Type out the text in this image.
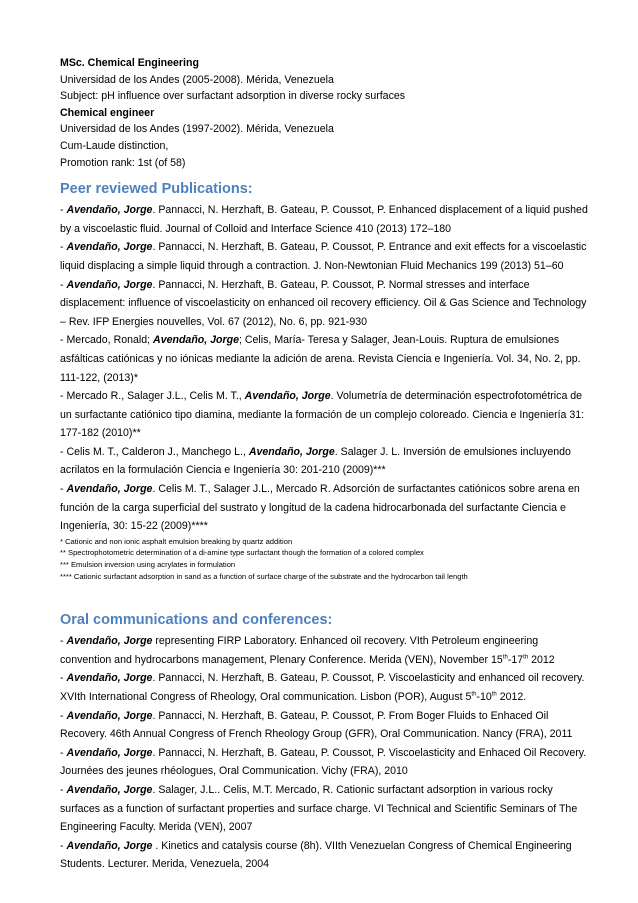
MSc. Chemical Engineering
Universidad de los Andes (2005-2008). Mérida, Venezuela
Subject: pH influence over surfactant adsorption in diverse rocky surfaces
Chemical engineer
Universidad de los Andes (1997-2002). Mérida, Venezuela
Cum-Laude distinction,
Promotion rank: 1st (of 58)
Peer reviewed Publications:
- Avendaño, Jorge. Pannacci, N. Herzhaft, B. Gateau, P. Coussot, P. Enhanced displacement of a liquid pushed by a viscoelastic fluid. Journal of Colloid and Interface Science 410 (2013) 172–180
- Avendaño, Jorge. Pannacci, N. Herzhaft, B. Gateau, P. Coussot, P. Entrance and exit effects for a viscoelastic liquid displacing a simple liquid through a contraction. J. Non-Newtonian Fluid Mechanics 199 (2013) 51–60
- Avendaño, Jorge. Pannacci, N. Herzhaft, B. Gateau, P. Coussot, P. Normal stresses and interface displacement: influence of viscoelasticity on enhanced oil recovery efficiency. Oil & Gas Science and Technology – Rev. IFP Energies nouvelles, Vol. 67 (2012), No. 6, pp. 921-930
- Mercado, Ronald; Avendaño, Jorge; Celis, María- Teresa y Salager, Jean-Louis. Ruptura de emulsiones asfálticas catiónicas y no iónicas mediante la adición de arena. Revista Ciencia e Ingeniería. Vol. 34, No. 2, pp. 111-122, (2013)*
- Mercado R., Salager J.L., Celis M. T., Avendaño, Jorge. Volumetría de determinación espectrofotométrica de un surfactante catiónico tipo diamina, mediante la formación de un complejo coloreado. Ciencia e Ingeniería 31: 177-182 (2010)**
- Celis M. T., Calderon J., Manchego L., Avendaño, Jorge. Salager J. L. Inversión de emulsiones incluyendo acrilatos en la formulación Ciencia e Ingeniería 30: 201-210 (2009)***
- Avendaño, Jorge. Celis M. T., Salager J.L., Mercado R. Adsorción de surfactantes catiónicos sobre arena en función de la carga superficial del sustrato y longitud de la cadena hidrocarbonada del surfactante Ciencia e Ingeniería, 30: 15-22 (2009)****
* Cationic and non ionic asphalt emulsion breaking by quartz addition
** Spectrophotometric determination of a di-amine type surfactant though the formation of a colored complex
*** Emulsion inversion using acrylates in formulation
**** Cationic surfactant adsorption in sand as a function of surface charge of the substrate and the hydrocarbon tail length
Oral communications and conferences:
- Avendaño, Jorge representing FIRP Laboratory. Enhanced oil recovery. VIth Petroleum engineering convention and hydrocarbons management, Plenary Conference. Merida (VEN), November 15th-17th 2012
- Avendaño, Jorge. Pannacci, N. Herzhaft, B. Gateau, P. Coussot, P. Viscoelasticity and enhanced oil recovery. XVIth International Congress of Rheology, Oral communication. Lisbon (POR), August 5th-10th 2012.
- Avendaño, Jorge. Pannacci, N. Herzhaft, B. Gateau, P. Coussot, P. From Boger Fluids to Enhaced Oil Recovery. 46th Annual Congress of French Rheology Group (GFR), Oral Communication. Nancy (FRA), 2011
- Avendaño, Jorge. Pannacci, N. Herzhaft, B. Gateau, P. Coussot, P. Viscoelasticity and Enhaced Oil Recovery. Journées des jeunes rhéologues, Oral Communication. Vichy (FRA), 2010
- Avendaño, Jorge. Salager, J.L.. Celis, M.T. Mercado, R. Cationic surfactant adsorption in various rocky surfaces as a function of surfactant properties and surface charge. VI Technical and Scientific Seminars of The Engineering Faculty. Merida (VEN), 2007
- Avendaño, Jorge . Kinetics and catalysis course (8h). VIIth Venezuelan Congress of Chemical Engineering Students. Lecturer. Merida, Venezuela, 2004
